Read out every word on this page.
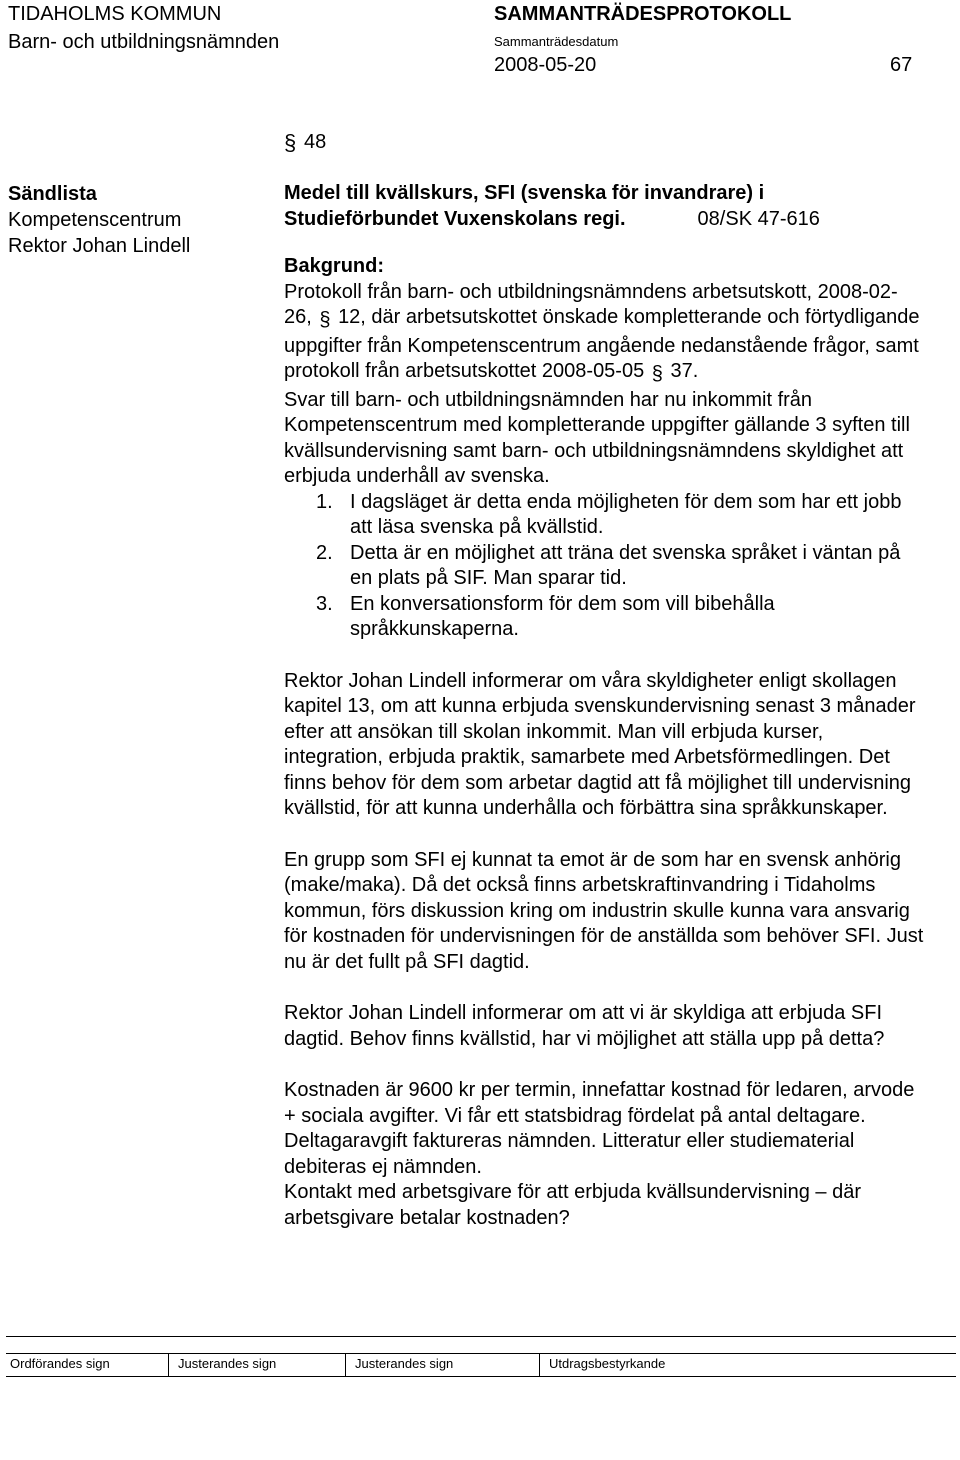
TIDAHOLMS KOMMUN
Barn- och utbildningsnämnden
SAMMANTRÄDESPROTOKOLL
Sammanträdesdatum
2008-05-20	67
§ 48
Sändlista
Kompetenscentrum
Rektor Johan Lindell
Medel till kvällskurs, SFI (svenska för invandrare) i
Studieförbundet Vuxenskolans regi.	08/SK 47-616
Bakgrund:

Protokoll från barn- och utbildningsnämndens arbetsutskott, 2008-02-26, § 12, där arbetsutskottet önskade kompletterande och förtydligande uppgifter från Kompetenscentrum angående nedanstående frågor, samt protokoll från arbetsutskottet 2008-05-05 § 37.

Svar till barn- och utbildningsnämnden har nu inkommit från Kompetenscentrum med kompletterande uppgifter gällande 3 syften till kvällsundervisning samt barn- och utbildningsnämndens skyldighet att erbjuda underhåll av svenska.

1. I dagsläget är detta enda möjligheten för dem som har ett jobb att läsa svenska på kvällstid.
2. Detta är en möjlighet att träna det svenska språket i väntan på en plats på SIF. Man sparar tid.
3. En konversationsform för dem som vill bibehålla språkkunskaperna.

Rektor Johan Lindell informerar om våra skyldigheter enligt skollagen kapitel 13, om att kunna erbjuda svenskundervisning senast 3 månader efter att ansökan till skolan inkommit. Man vill erbjuda kurser, integration, erbjuda praktik, samarbete med Arbetsförmedlingen. Det finns behov för dem som arbetar dagtid att få möjlighet till undervisning kvällstid, för att kunna underhålla och förbättra sina språkkunskaper.

En grupp som SFI ej kunnat ta emot är de som har en svensk anhörig (make/maka). Då det också finns arbetskraftinvandring i Tidaholms kommun, förs diskussion kring om industrin skulle kunna vara ansvarig för kostnaden för undervisningen för de anställda som behöver SFI. Just nu är det fullt på SFI dagtid.

Rektor Johan Lindell informerar om att vi är skyldiga att erbjuda SFI dagtid. Behov finns kvällstid, har vi möjlighet att ställa upp på detta?

Kostnaden är 9600 kr per termin, innefattar kostnad för ledaren, arvode + sociala avgifter. Vi får ett statsbidrag fördelat på antal deltagare. Deltagaravgift faktureras nämnden. Litteratur eller studiematerial debiteras ej nämnden.

Kontakt med arbetsgivare för att erbjuda kvällsundervisning – där arbetsgivare betalar kostnaden?

Ordförandes sign	Justerandes sign	Justerandes sign	Utdragsbestyrkande
